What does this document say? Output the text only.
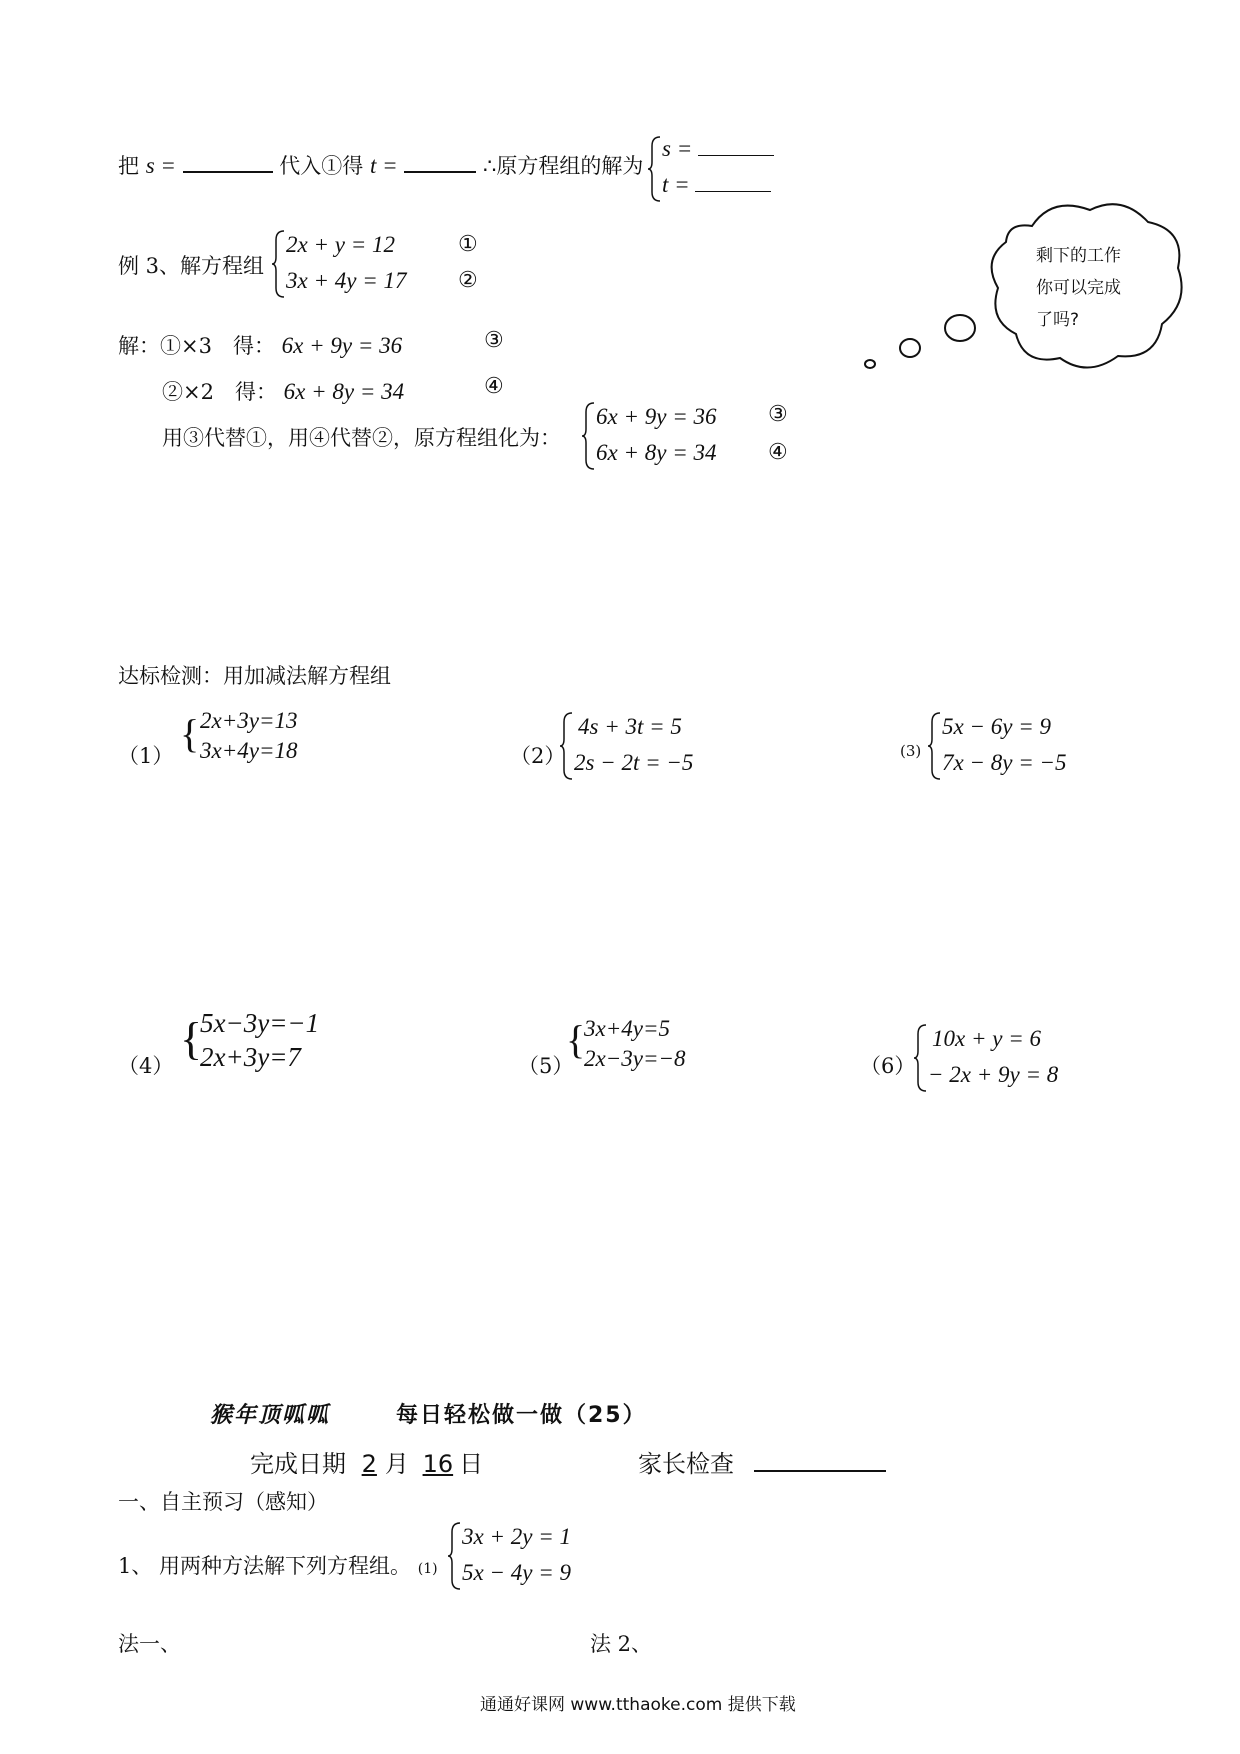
把 s =	代入①得 t =	∴原方程组的解为
s =
t =
例 3、解方程组
2x + y = 12
3x + 4y = 17
①
②
解：①×3　得： 6x + 9y = 36	③
②×2　得： 6x + 8y = 34	④
用③代替①，用④代替②，原方程组化为：
6x + 9y = 36
6x + 8y = 34
③
④
剩下的工作
你可以完成
了吗?
达标检测：用加减法解方程组
（1） { 2x+3y=13
3x+4y=18	（2）
4s + 3t = 5
2s − 2t = −5	(3)
5x − 6y = 9
7x − 8y = −5
（4）
{
5x−3y=−1
2x+3y=7	（5）
{
3x+4y=5
2x−3y=−8	（6）
10x + y = 6
− 2x + 9y = 8
猴年顶呱呱	每日轻松做一做（25）
完成日期 2 月 16 日	家长检查
一、自主预习（感知）
1、 用两种方法解下列方程组。 (1)
3x + 2y = 1
5x − 4y = 9
法一、	法 2、
通通好课网 www.tthaoke.com 提供下载
